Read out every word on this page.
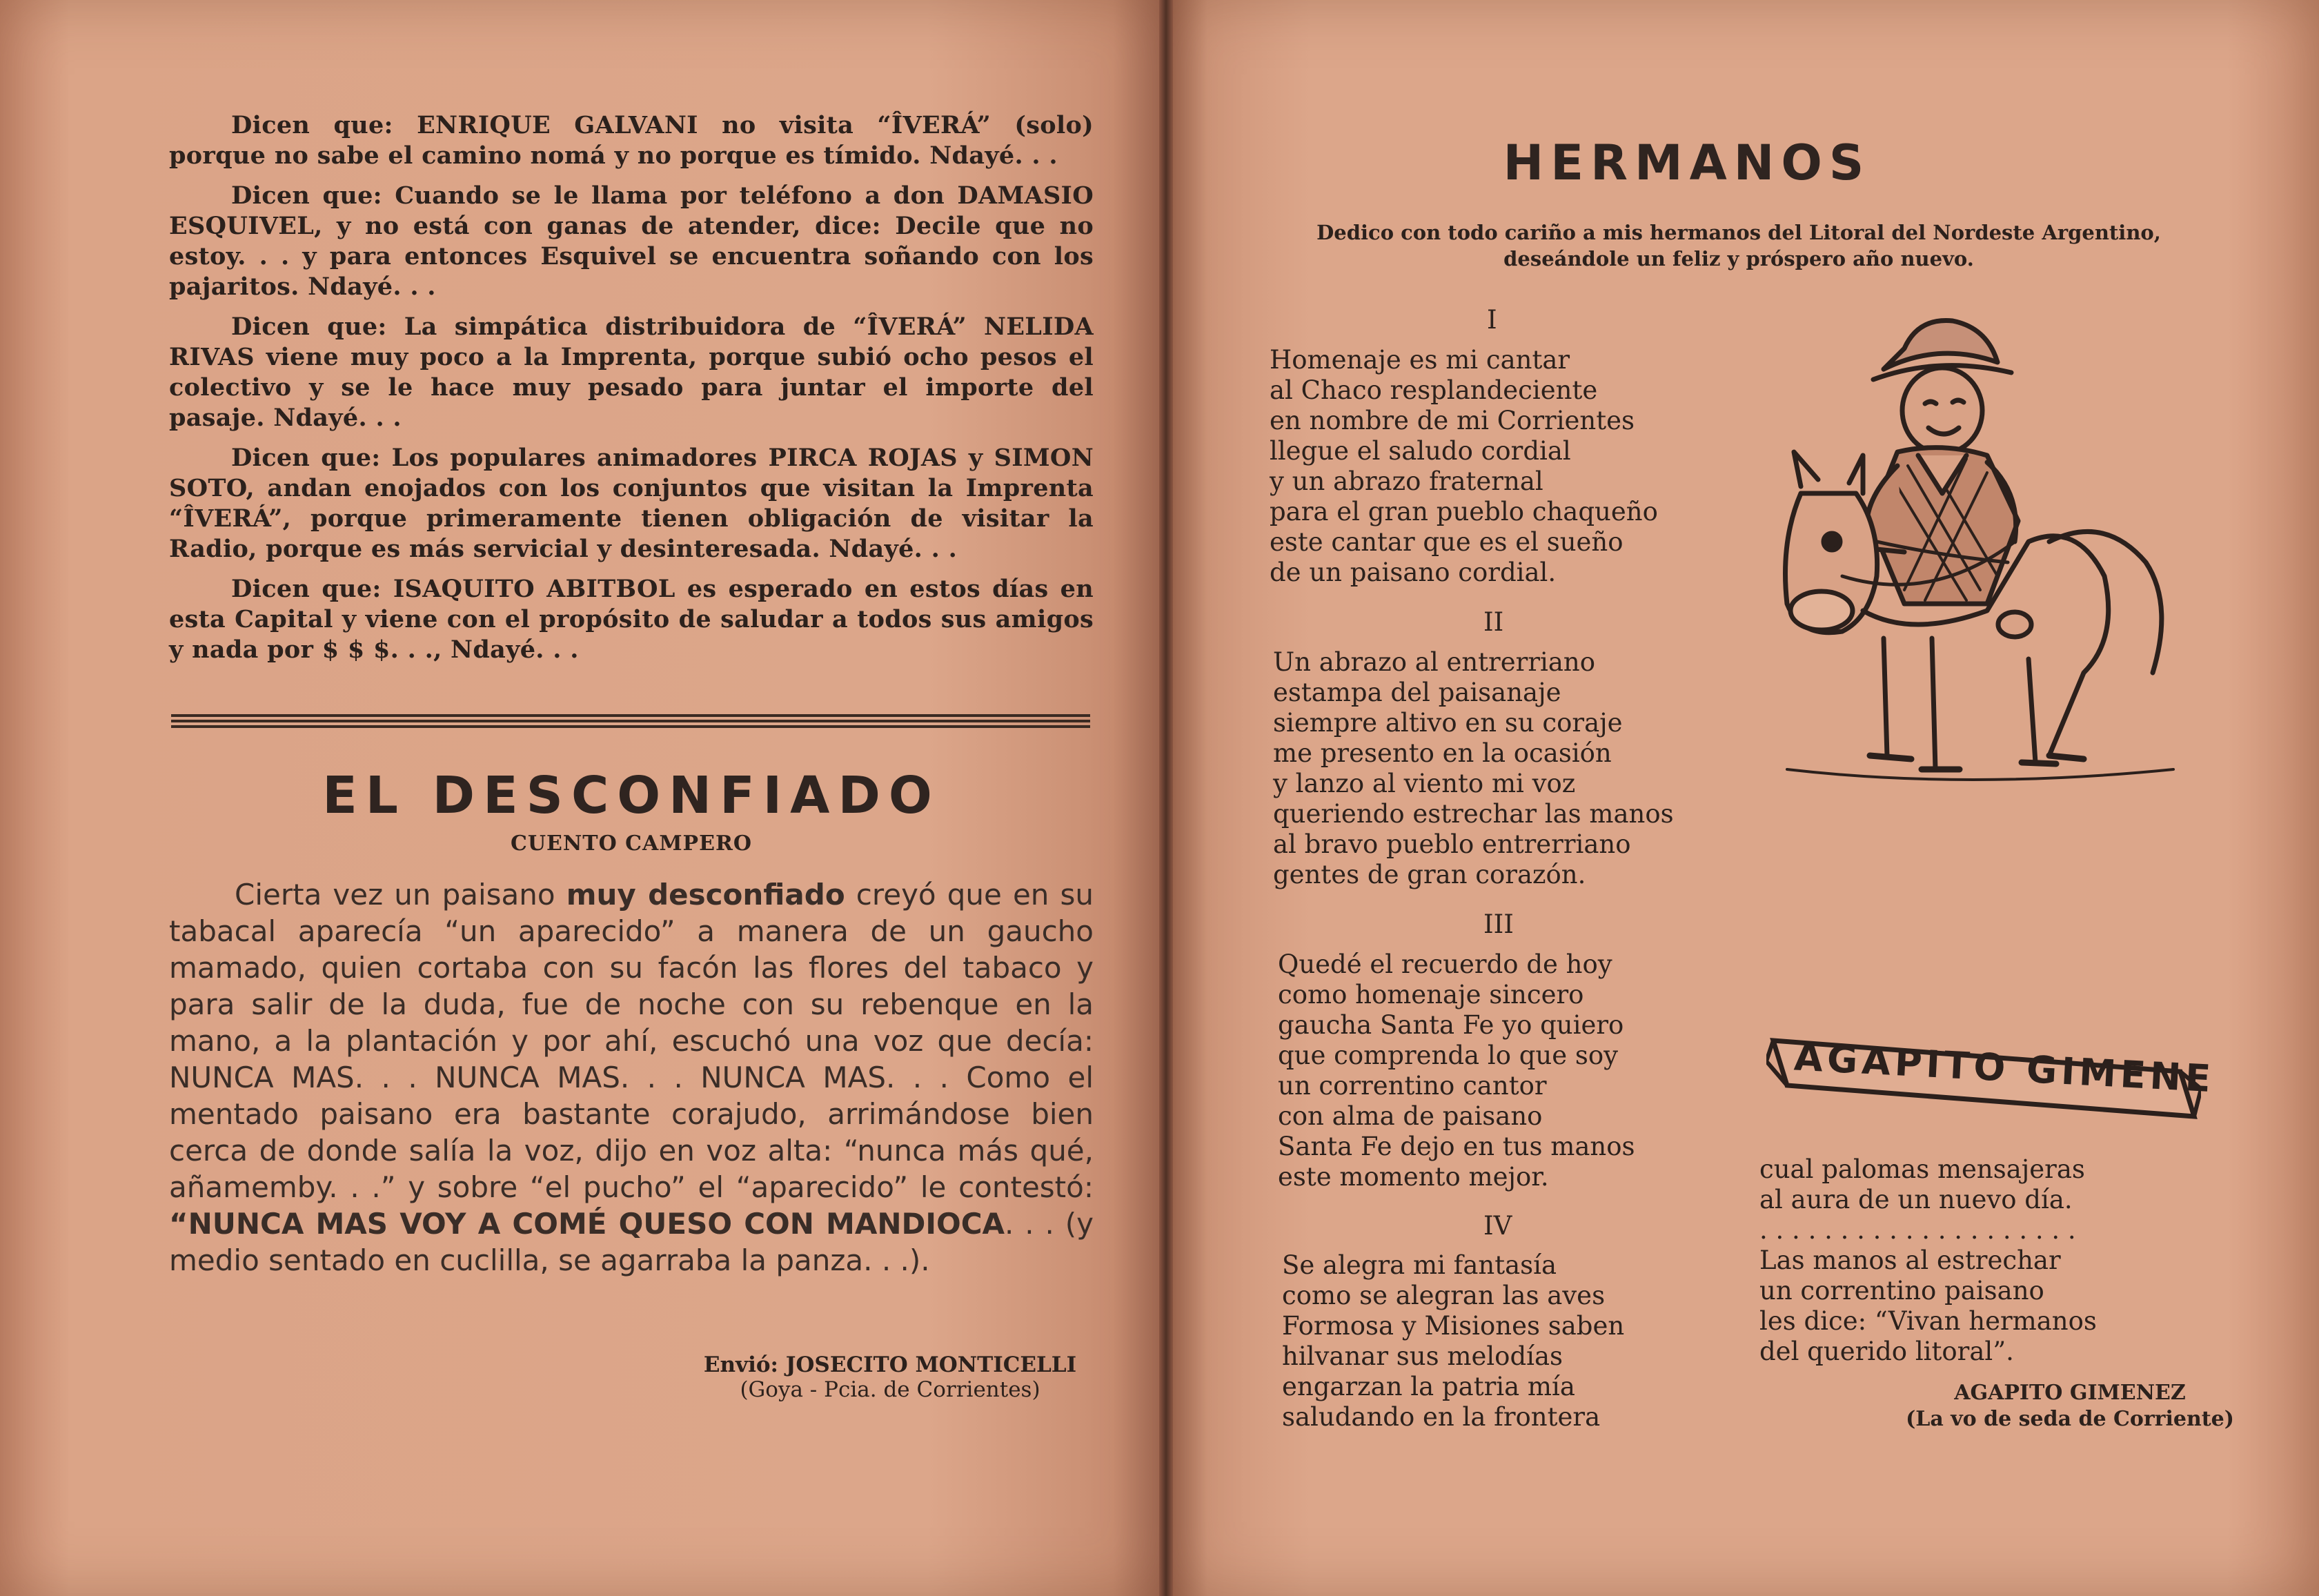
Dicen que: ENRIQUE GALVANI no visita “ÎVERÁ” (solo) porque no sabe el camino nomá y no porque es tímido. Ndayé. . .

Dicen que: Cuando se le llama por teléfono a don DAMASIO ESQUIVEL, y no está con ganas de atender, dice: Decile que no estoy. . . y para entonces Esquivel se encuentra soñando con los pajaritos. Ndayé. . .

Dicen que: La simpática distribuidora de “ÎVERÁ” NELIDA RIVAS viene muy poco a la Imprenta, porque subió ocho pesos el colectivo y se le hace muy pesado para juntar el importe del pasaje. Ndayé. . .

Dicen que: Los populares animadores PIRCA ROJAS y SIMON SOTO, andan enojados con los conjuntos que visitan la Imprenta “ÎVERÁ”, porque primeramente tienen obligación de visitar la Radio, porque es más servicial y desinteresada. Ndayé. . .

Dicen que: ISAQUITO ABITBOL es esperado en estos días en esta Capital y viene con el propósito de saludar a todos sus amigos y nada por $ $ $. . ., Ndayé. . .

EL DESCONFIADO
CUENTO CAMPERO

Cierta vez un paisano muy desconfiado creyó que en su tabacal aparecía “un aparecido” a manera de un gaucho mamado, quien cortaba con su facón las flores del tabaco y para salir de la duda, fue de noche con su rebenque en la mano, a la plantación y por ahí, escuchó una voz que decía: NUNCA MAS. . . NUNCA MAS. . . NUNCA MAS. . . Como el mentado paisano era bastante corajudo, arrimándose bien cerca de donde salía la voz, dijo en voz alta: “nunca más qué, añamemby. . .” y sobre “el pucho” el “aparecido” le contestó: “NUNCA MAS VOY A COMÉ QUESO CON MANDIOCA. . . (y medio sentado en cuclilla, se agarraba la panza. . .).

Envió: JOSECITO MONTICELLI
(Goya - Pcia. de Corrientes)
HERMANOS
Dedico con todo cariño a mis hermanos del Litoral del Nordeste Argentino,
deseándole un feliz y próspero año nuevo.
I
Homenaje es mi cantar
al Chaco resplandeciente
en nombre de mi Corrientes
llegue el saludo cordial
y un abrazo fraternal
para el gran pueblo chaqueño
este cantar que es el sueño
de un paisano cordial.
II
Un abrazo al entrerriano
estampa del paisanaje
siempre altivo en su coraje
me presento en la ocasión
y lanzo al viento mi voz
queriendo estrechar las manos
al bravo pueblo entrerriano
gentes de gran corazón.
III
Quedé el recuerdo de hoy
como homenaje sincero
gaucha Santa Fe yo quiero
que comprenda lo que soy
un correntino cantor
con alma de paisano
Santa Fe dejo en tus manos
este momento mejor.
IV
Se alegra mi fantasía
como se alegran las aves
Formosa y Misiones saben
hilvanar sus melodías
engarzan la patria mía
saludando en la frontera
cual palomas mensajeras
al aura de un nuevo día.
. . . . . . . . . . . . . . . . . . . .
Las manos al estrechar
un correntino paisano
les dice: “Vivan hermanos
del querido litoral”.
AGAPITO GIMENEZ
(La vo de seda de Corriente)
AGAPITO GIMENE
